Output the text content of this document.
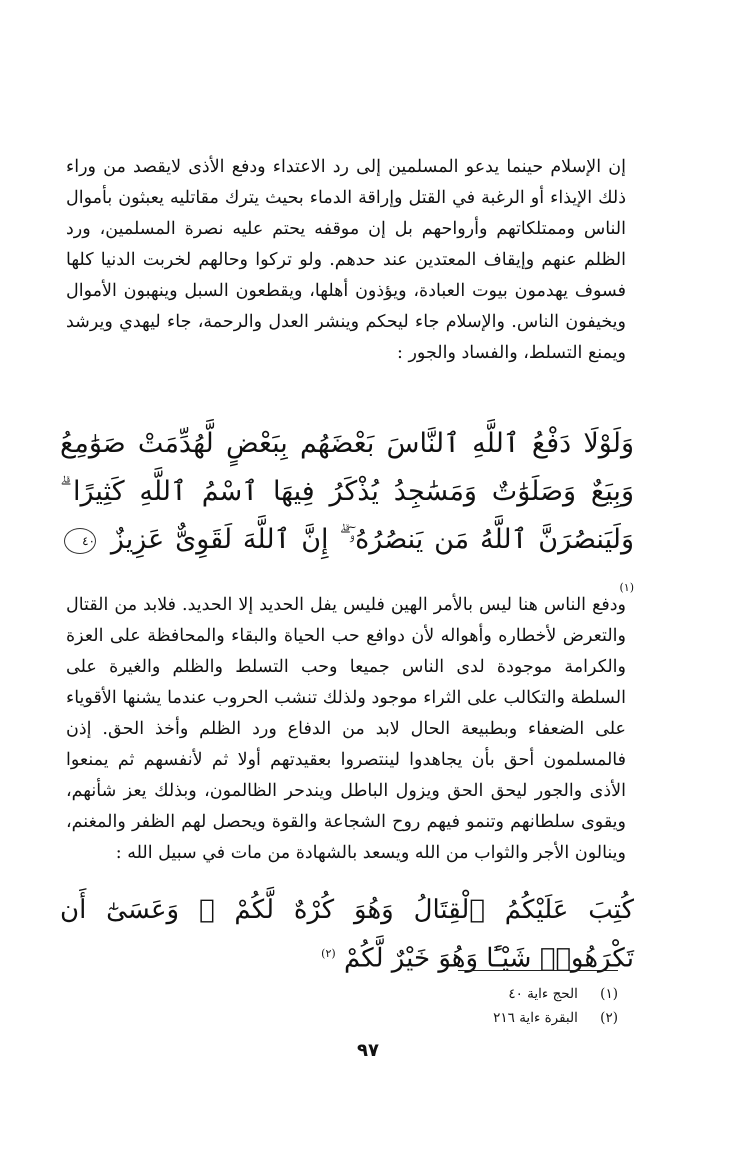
إن الإسلام حينما يدعو المسلمين إلى رد الاعتداء ودفع الأذى لايقصد من وراء ذلك الإيذاء أو الرغبة في القتل وإراقة الدماء بحيث يترك مقاتليه يعبثون بأموال الناس وممتلكاتهم وأرواحهم بل إن موقفه يحتم عليه نصرة المسلمين، ورد الظلم عنهم وإيقاف المعتدين عند حدهم. ولو تركوا وحالهم لخربت الدنيا كلها فسوف يهدمون بيوت العبادة، ويؤذون أهلها، ويقطعون السبل وينهبون الأموال ويخيفون الناس. والإسلام جاء ليحكم وينشر العدل والرحمة، جاء ليهدي ويرشد ويمنع التسلط، والفساد والجور :

وَلَوْلَا دَفْعُ ٱللَّهِ ٱلنَّاسَ بَعْضَهُم بِبَعْضٍ لَّهُدِّمَتْ صَوَٰمِعُ وَبِيَعٌ وَصَلَوَٰتٌ وَمَسَٰجِدُ يُذْكَرُ فِيهَا ٱسْمُ ٱللَّهِ كَثِيرًا ۗ وَلَيَنصُرَنَّ ٱللَّهُ مَن يَنصُرُهُۥٓ ۗ إِنَّ ٱللَّهَ لَقَوِىٌّ عَزِيزٌ ٤٠ $^{(١)}$

ودفع الناس هنا ليس بالأمر الهين فليس يفل الحديد إلا الحديد. فلابد من القتال والتعرض لأخطاره وأهواله لأن دوافع حب الحياة والبقاء والمحافظة على العزة والكرامة موجودة لدى الناس جميعا وحب التسلط والظلم والغيرة على السلطة والتكالب على الثراء موجود ولذلك تنشب الحروب عندما يشنها الأقوياء على الضعفاء وبطبيعة الحال لابد من الدفاع ورد الظلم وأخذ الحق. إذن فالمسلمون أحق بأن يجاهدوا لينتصروا بعقيدتهم أولا ثم لأنفسهم ثم يمنعوا الأذى والجور ليحق الحق ويزول الباطل ويندحر الظالمون، وبذلك يعز شأنهم، ويقوى سلطانهم وتنمو فيهم روح الشجاعة والقوة ويحصل لهم الظفر والمغنم، وينالون الأجر والثواب من الله ويسعد بالشهادة من مات في سبيل الله :

كُتِبَ عَلَيْكُمُ ٱلْقِتَالُ وَهُوَ كُرْهٌ لَّكُمْ ۖ وَعَسَىٰٓ أَن تَكْرَهُوا۟ شَيْـًٔا وَهُوَ خَيْرٌ لَّكُمْ $^{(٢)}$
(١) الحج ءاية ٤٠
(٢) البقرة ءاية ٢١٦
٩٧
